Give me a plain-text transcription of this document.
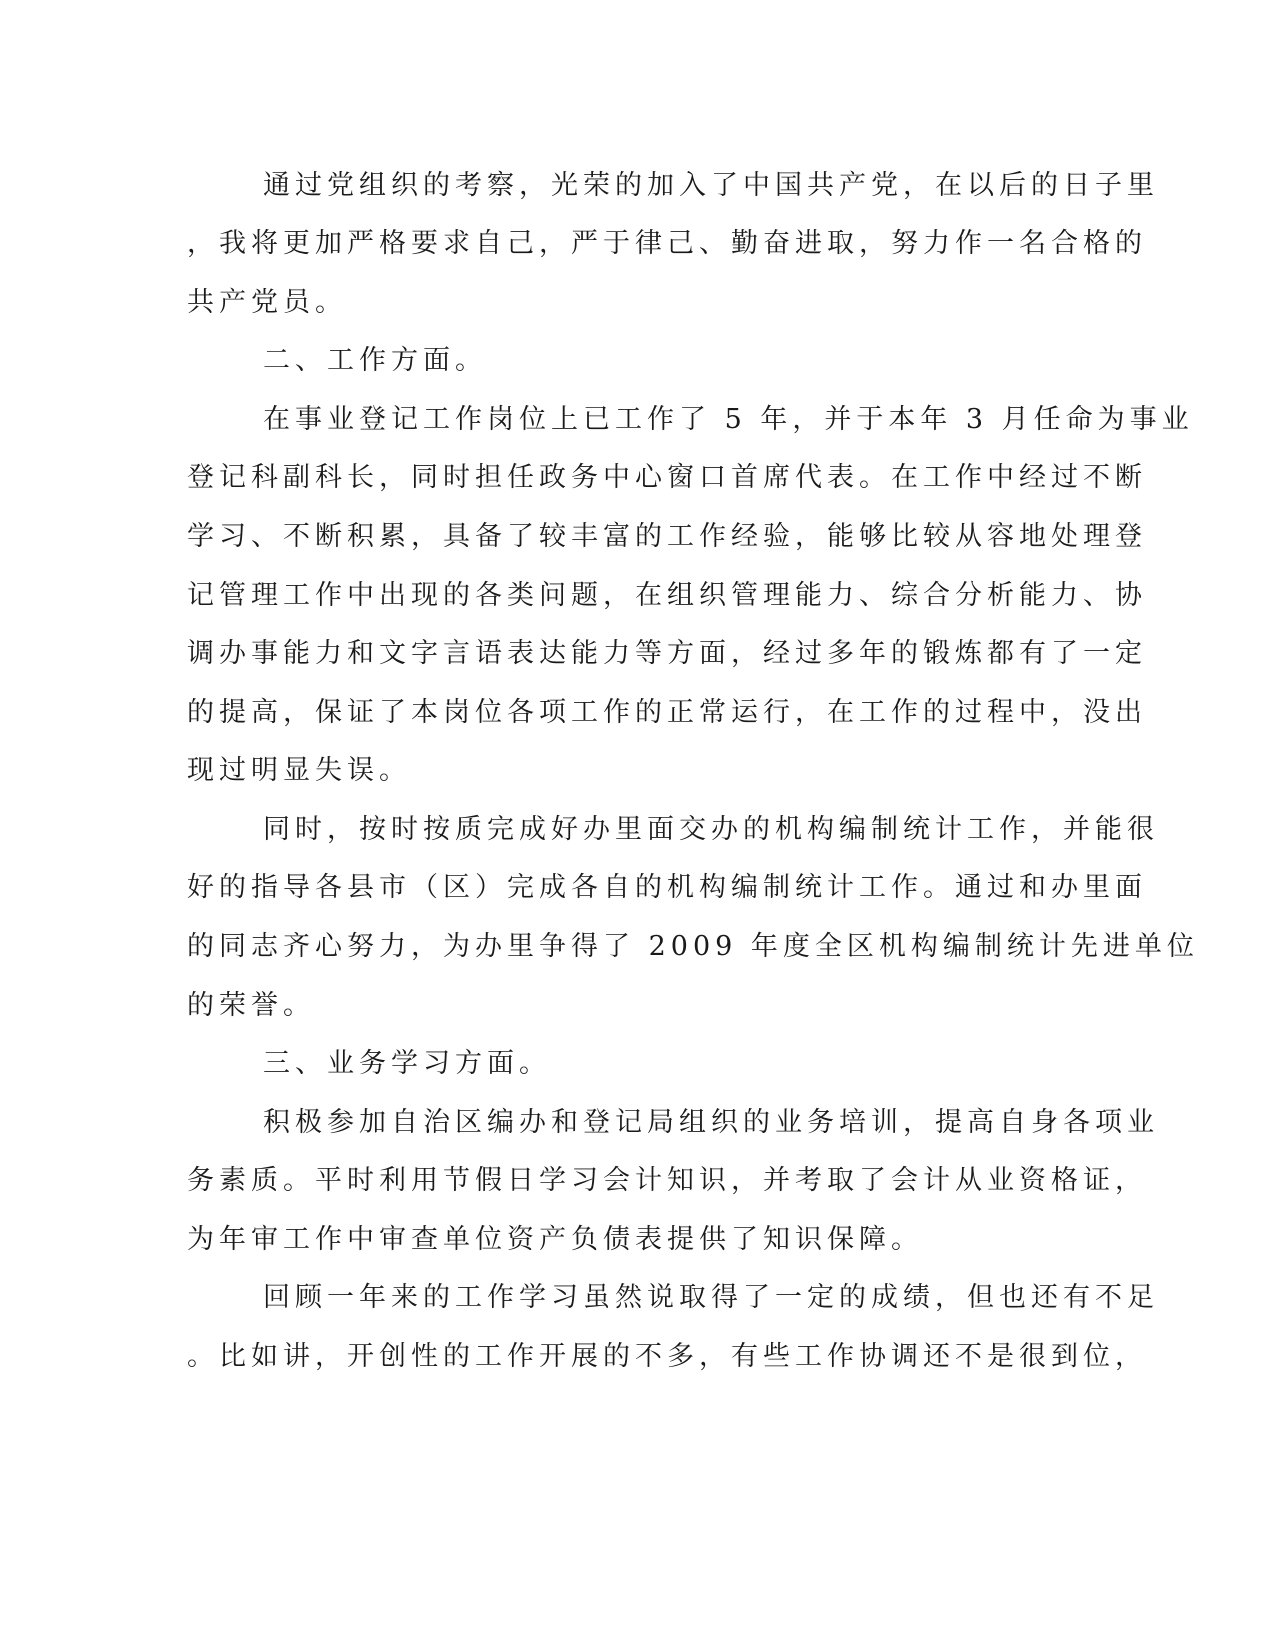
通过党组织的考察，光荣的加入了中国共产党，在以后的日子里
，我将更加严格要求自己，严于律己、勤奋进取，努力作一名合格的
共产党员。
二、工作方面。
在事业登记工作岗位上已工作了 5 年，并于本年 3 月任命为事业
登记科副科长，同时担任政务中心窗口首席代表。在工作中经过不断
学习、不断积累，具备了较丰富的工作经验，能够比较从容地处理登
记管理工作中出现的各类问题，在组织管理能力、综合分析能力、协
调办事能力和文字言语表达能力等方面，经过多年的锻炼都有了一定
的提高，保证了本岗位各项工作的正常运行，在工作的过程中，没出
现过明显失误。
同时，按时按质完成好办里面交办的机构编制统计工作，并能很
好的指导各县市（区）完成各自的机构编制统计工作。通过和办里面
的同志齐心努力，为办里争得了 2009 年度全区机构编制统计先进单位
的荣誉。
三、业务学习方面。
积极参加自治区编办和登记局组织的业务培训，提高自身各项业
务素质。平时利用节假日学习会计知识，并考取了会计从业资格证，
为年审工作中审查单位资产负债表提供了知识保障。
回顾一年来的工作学习虽然说取得了一定的成绩，但也还有不足
。比如讲，开创性的工作开展的不多，有些工作协调还不是很到位，
